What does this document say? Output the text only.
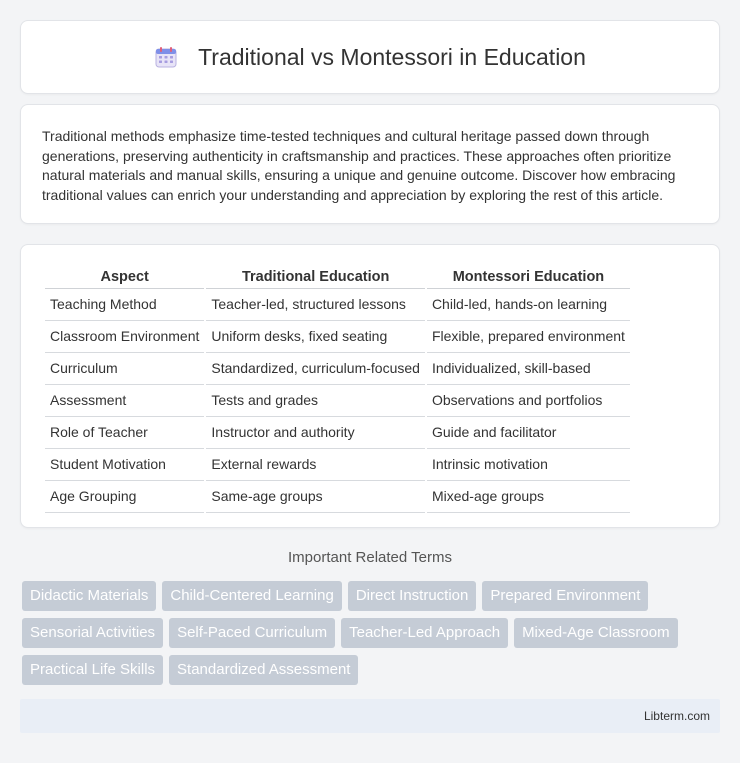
Traditional vs Montessori in Education

Traditional methods emphasize time-tested techniques and cultural heritage passed down through generations, preserving authenticity in craftsmanship and practices. These approaches often prioritize natural materials and manual skills, ensuring a unique and genuine outcome. Discover how embracing traditional values can enrich your understanding and appreciation by exploring the rest of this article.

Aspect	Traditional Education	Montessori Education
Teaching Method	Teacher-led, structured lessons	Child-led, hands-on learning
Classroom Environment	Uniform desks, fixed seating	Flexible, prepared environment
Curriculum	Standardized, curriculum-focused	Individualized, skill-based
Assessment	Tests and grades	Observations and portfolios
Role of Teacher	Instructor and authority	Guide and facilitator
Student Motivation	External rewards	Intrinsic motivation
Age Grouping	Same-age groups	Mixed-age groups
Important Related Terms
Didactic Materials	Child-Centered Learning	Direct Instruction	Prepared Environment
Sensorial Activities	Self-Paced Curriculum	Teacher-Led Approach	Mixed-Age Classroom
Practical Life Skills	Standardized Assessment
Libterm.com
